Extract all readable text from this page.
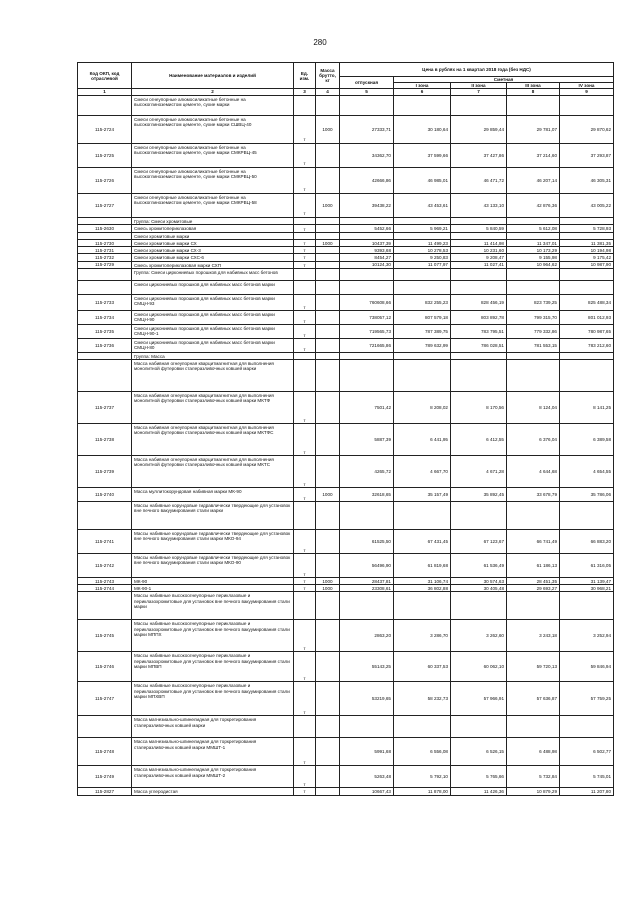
280
Код ОКП, код отраслевой	Наименование материалов и изделий	Ед. изм.	Масса брутто, кг	Цена в рублях на 1 квартал 2018 года (без НДС)				
				отпускная	Сметная			
					I зона	II зона	III зона	IV зона
1	2	3	4	5	6	7	8	9
	Смеси огнеупорные алюмосиликатные бетонные на высокоглиноземистом цементе, сухие марки							
115-2724	Смеси огнеупорные алюмосиликатные бетонные на высокоглиноземистом цементе, сухие марки СШВЦ-40	т	1000	27333,71	30 180,64	29 859,44	29 781,07	29 870,62
115-2725	Смеси огнеупорные алюмосиликатные бетонные на высокоглиноземистом цементе, сухие марки СМКРВЦ-45	т		34362,70	37 599,66	37 427,86	37 214,60	37 293,87
115-2726	Смеси огнеупорные алюмосиликатные бетонные на высокоглиноземистом цементе, сухие марки СМКРВЦ-50	т		42666,86	46 985,01	46 471,72	46 207,14	46 305,31
115-2727	Смеси огнеупорные алюмосиликатные бетонные на высокоглиноземистом цементе, сухие марки СМКРВЦ-58	т	1000	39438,22	43 453,61	43 133,10	42 876,36	43 005,22
	Группа: Смеси хромитовые							
115-2630	Смесь хромитопериклазовая	т		5452,66	5 969,21	5 840,59	5 612,08	5 728,93
	Смеси хромитовые марки							
115-2730	Смеси хромитовые марки СХ	т	1000	10437,39	11 499,23	11 414,98	11 347,01	11 381,35
115-2731	Смеси хромитовые марки СХ-3	т		9393,68	10 278,53	10 231,60	10 173,29	10 194,98
115-2732	Смеси хромитовые марки СХС-6	т		8454,27	9 250,83	9 208,47	9 155,98	9 175,42
115-2729	Смесь хромитопериклазовая марки СХП	т		10124,30	11 077,97	11 027,41	10 964,62	10 987,90
	Группа: Смеси циркониевых порошков для набивных масс бетонов							
	Смеси циркониевых порошков для набивных масс бетонов марки							
115-2733	Смеси циркониевых порошков для набивных масс бетонов марки СМЦН-93	т		760608,66	832 255,23	828 456,19	823 739,25	825 488,34
115-2734	Смеси циркониевых порошков для набивных масс бетонов марки СМЦН-90	т		738057,12	807 579,18	803 892,78	799 315,70	801 012,93
115-2735	Смеси циркониевых порошков для набивных масс бетонов марки СМЦН-90-1	т		719565,73	787 389,75	783 795,51	779 332,86	780 987,65
115-2736	Смеси циркониевых порошков для набивных масс бетонов марки СМЦН-80	т		721665,86	789 632,99	786 028,51	781 553,15	783 212,60
	Группа: Масса							
	Масса набивная огнеупорная кварцитмагнитная для выполнения монолитной футеровки сталеразливочных ковшей марки							
115-2737	Масса набивная огнеупорная кварцитмагнитная для выполнения монолитной футеровки сталеразливочных ковшей марки МКТФ	т		7501,42	8 208,02	8 170,56	8 124,04	8 141,25
115-2738	Масса набивная огнеупорная кварцитмагнитная для выполнения монолитной футеровки сталеразливочных ковшей марки МКТФС	т		5887,39	6 441,95	6 412,55	6 376,04	6 389,58
115-2739	Масса набивная огнеупорная кварцитмагнитная для выполнения монолитной футеровки сталеразливочных ковшей марки МКТС	т		4265,72	4 667,70	4 671,28	4 644,68	4 654,55
115-2740	Масса муллитокорундовая набивная марки МК-90	т	1000	32618,65	35 157,49	35 892,45	33 678,79	35 786,06
	Массы набивные корундовые гидравлически твердеющие для установок вне печного вакуумирования стали марки							
115-2741	Массы набивные корундовые гидравлически твердеющие для установок вне печного вакуумирования стали марки МКО-94	т		61525,50	67 431,45	67 123,67	66 741,49	66 883,20
115-2742	Массы набивные корундовые гидравлически твердеющие для установок вне печного вакуумирования стали марки МКО-90	т		56496,90	61 819,68	61 536,49	61 186,13	61 316,05
115-2743	МК-90	т	1000	28437,81	31 106,74	30 574,63	28 451,35	31 139,47
115-2744	МК-90-1	т	1000	23308,61	36 802,88	30 405,48	29 693,27	30 968,21
	Массы набивные высокоогнеупорные периклазовые и периклазохромитовые для установок вне печного вакуумирования стали марки							
115-2745	Массы набивные высокоогнеупорные периклазовые и периклазохромитовые для установок вне печного вакуумирования стали марки МППХ	т		2863,20	3 286,70	3 262,60	3 243,18	3 252,94
115-2746	Массы набивные высокоогнеупорные периклазовые и периклазохромитовые для установок вне печного вакуумирования стали марки МПВП	т		55143,25	60 337,53	60 062,10	59 720,13	59 846,94
115-2747	Массы набивные высокоогнеупорные периклазовые и периклазохромитовые для установок вне печного вакуумирования стали марки МПХВП	т		53219,65	58 232,73	57 966,91	57 636,87	57 759,25
	Масса магнезиально-шпинелидная для торкретирования сталеразливочных ковшей марки							
115-2748	Масса магнезиально-шпинелидная для торкретирования сталеразливочных ковшей марки ММШТ-1	т		5991,68	6 556,08	6 526,15	6 488,98	6 502,77
115-2749	Масса магнезиально-шпинелидная для торкретирования сталеразливочных ковшей марки ММШТ-2	т		5263,48	5 792,10	5 765,66	5 732,84	5 745,01
115-2827	Масса углеродистая	т		10667,43	11 878,00	11 426,36	10 879,29	11 207,80
